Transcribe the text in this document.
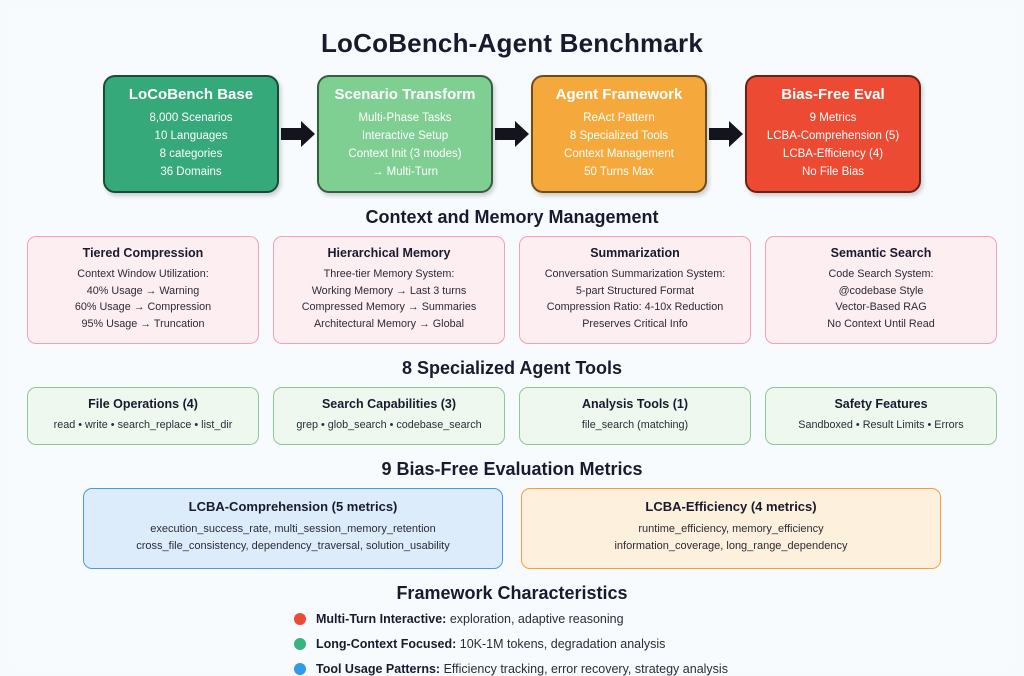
LoCoBench-Agent Benchmark
LoCoBench Base
8,000 Scenarios
10 Languages
8 categories
36 Domains
Scenario Transform
Multi-Phase Tasks
Interactive Setup
Context Init (3 modes)
→ Multi-Turn
Agent Framework
ReAct Pattern
8 Specialized Tools
Context Management
50 Turns Max
Bias-Free Eval
9 Metrics
LCBA-Comprehension (5)
LCBA-Efficiency (4)
No File Bias
Context and Memory Management
Tiered Compression
Context Window Utilization:
40% Usage → Warning
60% Usage → Compression
95% Usage → Truncation
Hierarchical Memory
Three-tier Memory System:
Working Memory → Last 3 turns
Compressed Memory → Summaries
Architectural Memory → Global
Summarization
Conversation Summarization System:
5-part Structured Format
Compression Ratio: 4-10x Reduction
Preserves Critical Info
Semantic Search
Code Search System:
@codebase Style
Vector-Based RAG
No Context Until Read
8 Specialized Agent Tools
File Operations (4)
read • write • search_replace • list_dir
Search Capabilities (3)
grep • glob_search • codebase_search
Analysis Tools (1)
file_search (matching)
Safety Features
Sandboxed • Result Limits • Errors
9 Bias-Free Evaluation Metrics
LCBA-Comprehension (5 metrics)
execution_success_rate, multi_session_memory_retention
cross_file_consistency, dependency_traversal, solution_usability
LCBA-Efficiency (4 metrics)
runtime_efficiency, memory_efficiency
information_coverage, long_range_dependency
Framework Characteristics
Multi-Turn Interactive: exploration, adaptive reasoning
Long-Context Focused: 10K-1M tokens, degradation analysis
Tool Usage Patterns: Efficiency tracking, error recovery, strategy analysis
